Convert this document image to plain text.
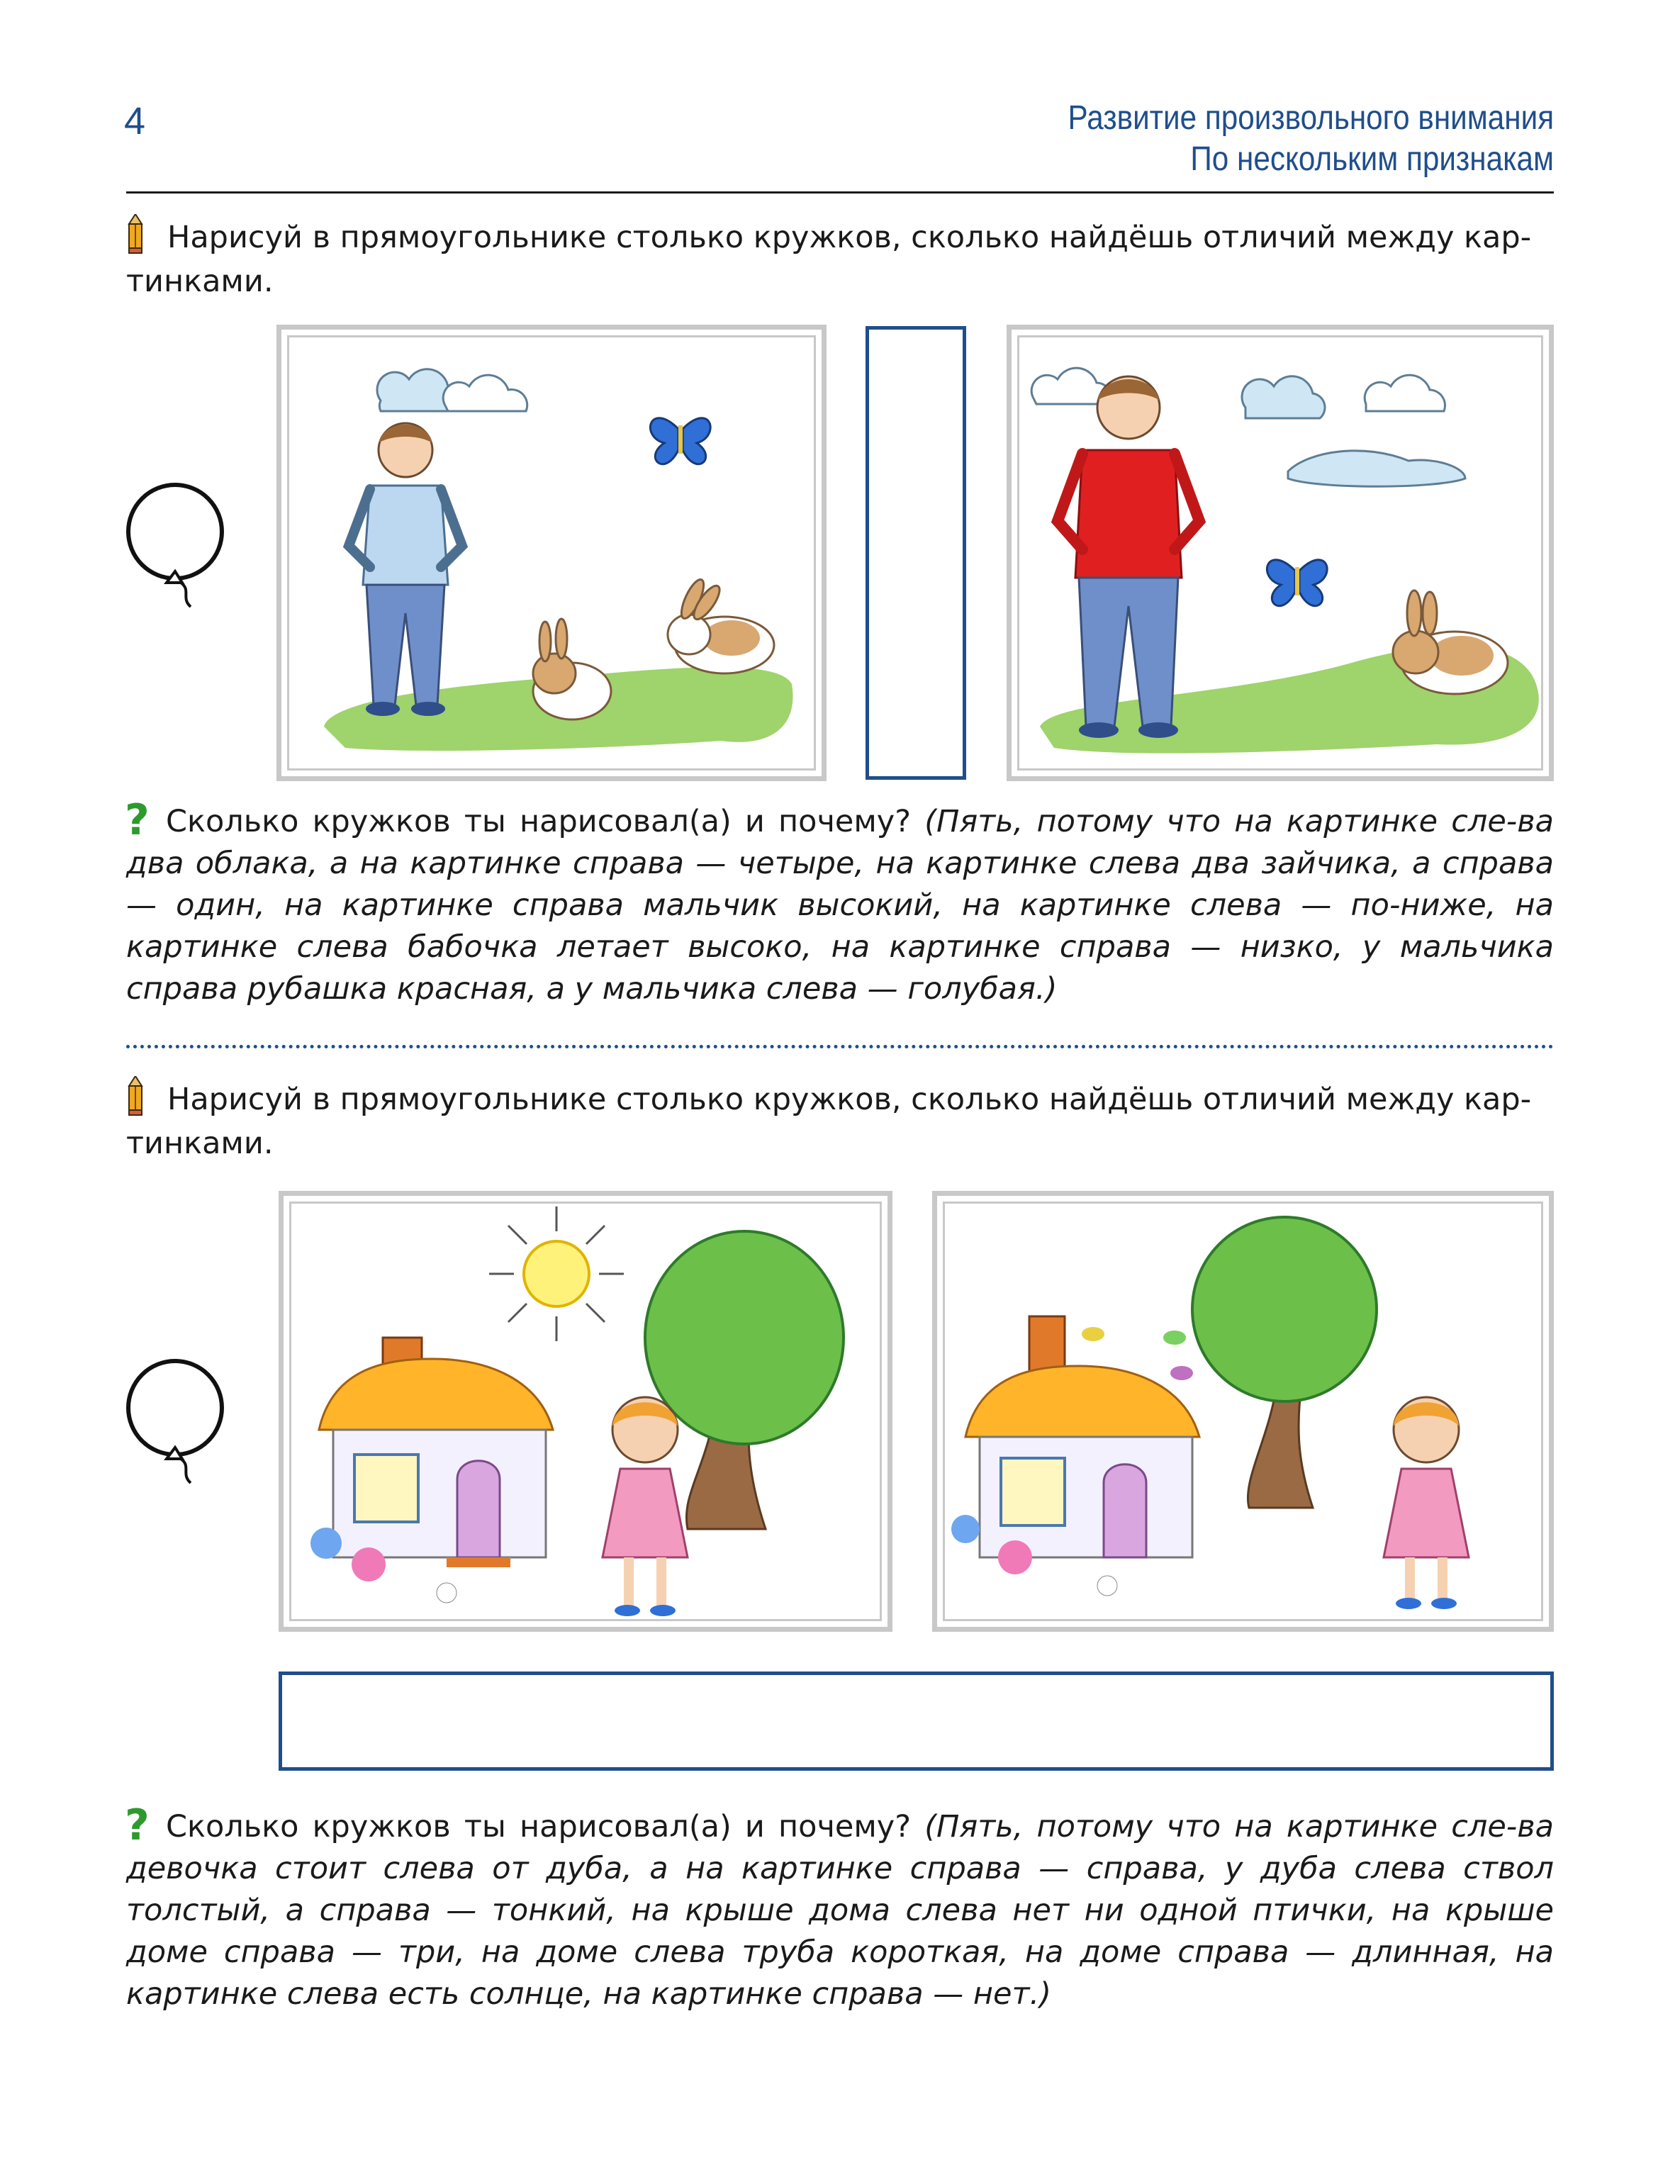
4	Развитие произвольного внимания
По нескольким признакам
Нарисуй в прямоугольнике столько кружков, сколько найдёшь отличий между кар-
тинками.
? Сколько кружков ты нарисовал(а) и почему? (Пять, потому что на картинке сле-ва два облака, а на картинке справа — четыре, на картинке слева два зайчика, а справа — один, на картинке справа мальчик высокий, на картинке слева — по-ниже, на картинке слева бабочка летает высоко, на картинке справа — низко, у мальчика справа рубашка красная, а у мальчика слева — голубая.)
Нарисуй в прямоугольнике столько кружков, сколько найдёшь отличий между кар-
тинками.
? Сколько кружков ты нарисовал(а) и почему? (Пять, потому что на картинке сле-ва девочка стоит слева от дуба, а на картинке справа — справа, у дуба слева ствол толстый, а справа — тонкий, на крыше дома слева нет ни одной птички, на крыше доме справа — три, на доме слева труба короткая, на доме справа — длинная, на картинке слева есть солнце, на картинке справа — нет.)
